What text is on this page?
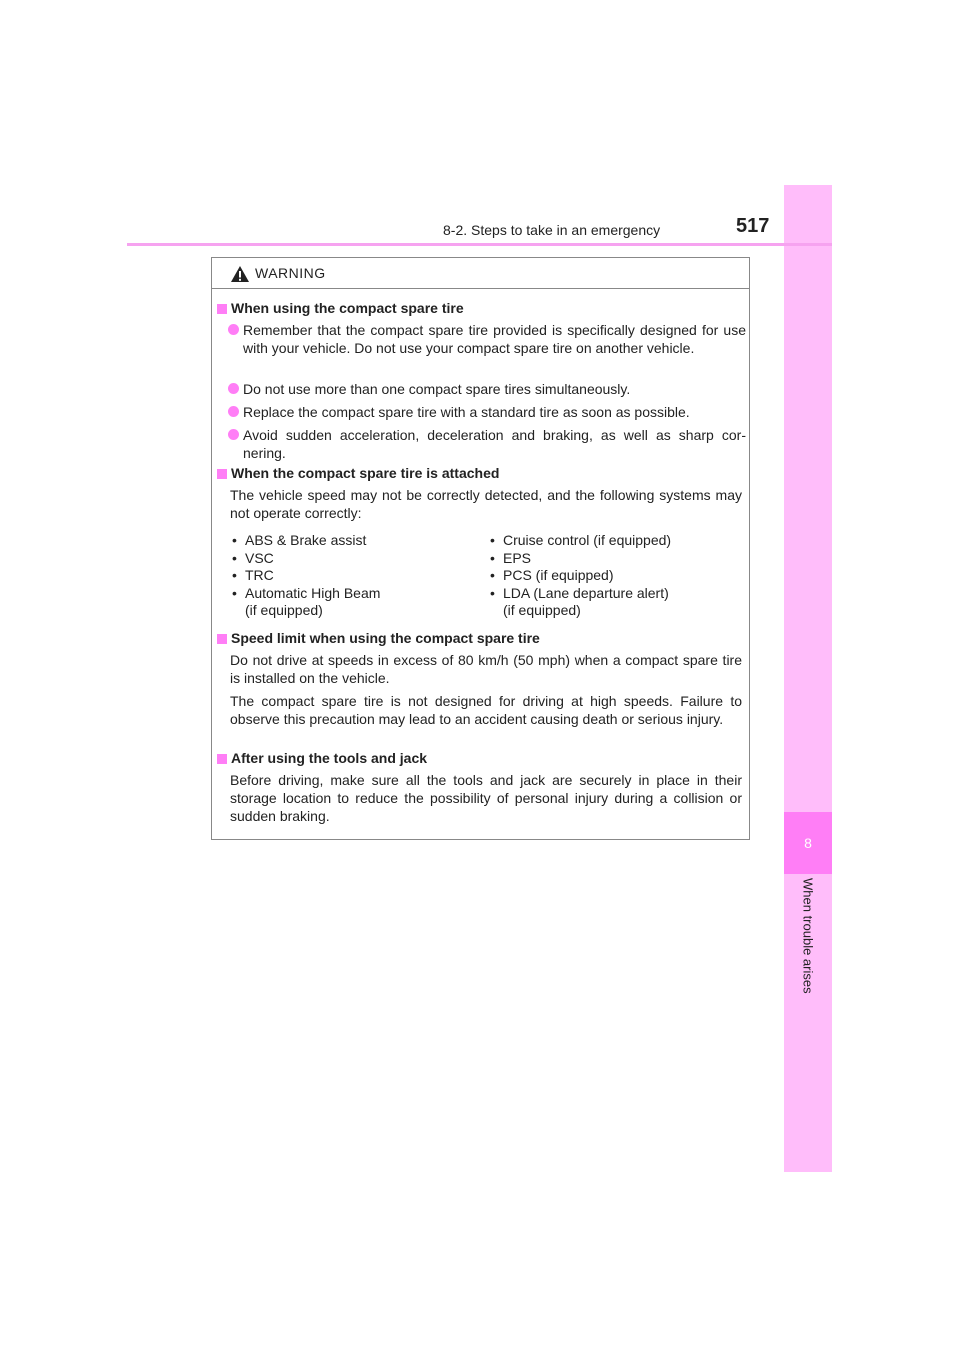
8
When trouble arises
8-2. Steps to take in an emergency	517
WARNING
When using the compact spare tire
Remember that the compact spare tire provided is specifically designed for use with your vehicle. Do not use your compact spare tire on another vehicle.
Do not use more than one compact spare tires simultaneously.
Replace the compact spare tire with a standard tire as soon as possible.
Avoid sudden acceleration, deceleration and braking, as well as sharp cor-nering.
When the compact spare tire is attached
The vehicle speed may not be correctly detected, and the following systems may not operate correctly:
• ABS & Brake assist
• VSC
• TRC
• Automatic High Beam
(if equipped)
• Cruise control (if equipped)
• EPS
• PCS (if equipped)
• LDA (Lane departure alert)
(if equipped)
Speed limit when using the compact spare tire
Do not drive at speeds in excess of 80 km/h (50 mph) when a compact spare tire is installed on the vehicle.
The compact spare tire is not designed for driving at high speeds. Failure to observe this precaution may lead to an accident causing death or serious injury.
After using the tools and jack
Before driving, make sure all the tools and jack are securely in place in their storage location to reduce the possibility of personal injury during a collision or sudden braking.
